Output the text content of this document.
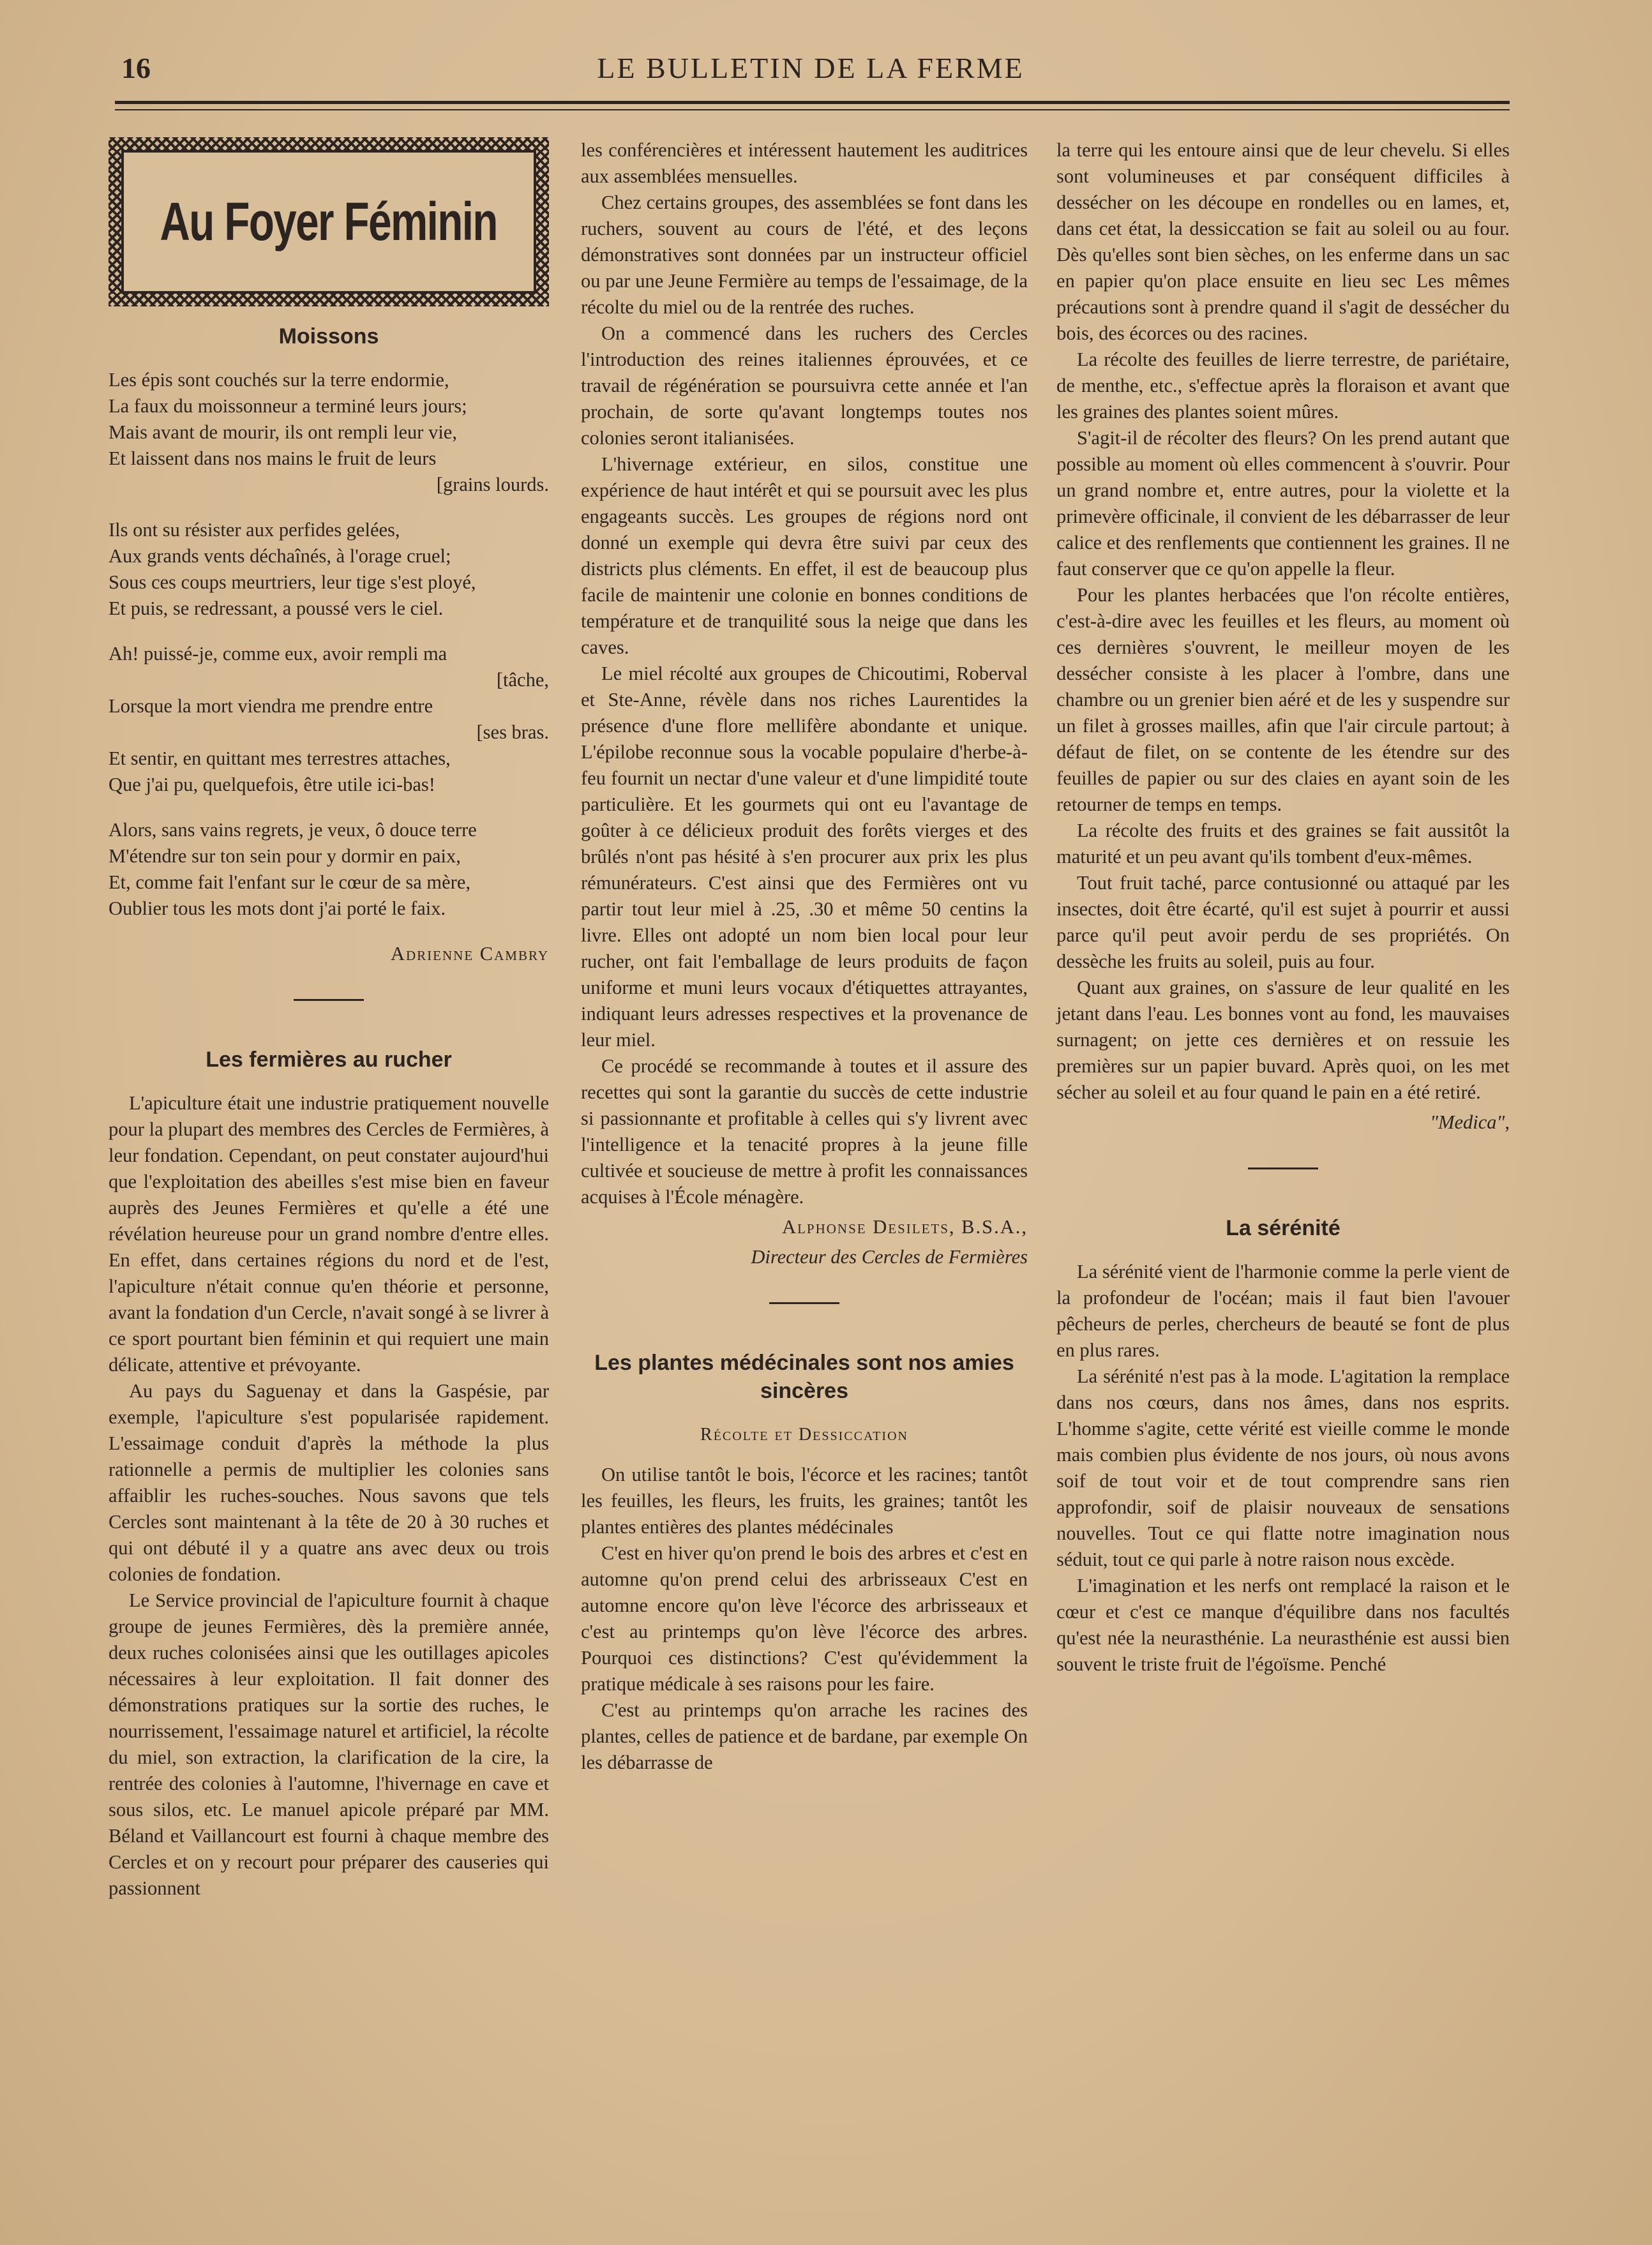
16	LE BULLETIN DE LA FERME
Au Foyer Féminin
Moissons
Les épis sont couchés sur la terre endormie,
La faux du moissonneur a terminé leurs jours;
Mais avant de mourir, ils ont rempli leur vie,
Et laissent dans nos mains le fruit de leurs
[grains lourds.
Ils ont su résister aux perfides gelées,
Aux grands vents déchaînés, à l'orage cruel;
Sous ces coups meurtriers, leur tige s'est ployé,
Et puis, se redressant, a poussé vers le ciel.
Ah! puissé-je, comme eux, avoir rempli ma
[tâche,
Lorsque la mort viendra me prendre entre
[ses bras.
Et sentir, en quittant mes terrestres attaches,
Que j'ai pu, quelquefois, être utile ici-bas!
Alors, sans vains regrets, je veux, ô douce terre
M'étendre sur ton sein pour y dormir en paix,
Et, comme fait l'enfant sur le cœur de sa mère,
Oublier tous les mots dont j'ai porté le faix.
Adrienne Cambry
Les fermières au rucher

L'apiculture était une industrie pratiquement nouvelle pour la plupart des membres des Cercles de Fermières, à leur fondation. Cependant, on peut constater aujourd'hui que l'exploitation des abeilles s'est mise bien en faveur auprès des Jeunes Fermières et qu'elle a été une révélation heureuse pour un grand nombre d'entre elles. En effet, dans certaines régions du nord et de l'est, l'apiculture n'était connue qu'en théorie et personne, avant la fondation d'un Cercle, n'avait songé à se livrer à ce sport pourtant bien féminin et qui requiert une main délicate, attentive et prévoyante.

Au pays du Saguenay et dans la Gaspésie, par exemple, l'apiculture s'est popularisée rapidement. L'essaimage conduit d'après la méthode la plus rationnelle a permis de multiplier les colonies sans affaiblir les ruches-souches. Nous savons que tels Cercles sont maintenant à la tête de 20 à 30 ruches et qui ont débuté il y a quatre ans avec deux ou trois colonies de fondation.

Le Service provincial de l'apiculture fournit à chaque groupe de jeunes Fermières, dès la première année, deux ruches colonisées ainsi que les outillages apicoles nécessaires à leur exploitation. Il fait donner des démonstrations pratiques sur la sortie des ruches, le nourrissement, l'essaimage naturel et artificiel, la récolte du miel, son extraction, la clarification de la cire, la rentrée des colonies à l'automne, l'hivernage en cave et sous silos, etc. Le manuel apicole préparé par MM. Béland et Vaillancourt est fourni à chaque membre des Cercles et on y recourt pour préparer des causeries qui passionnent

les conférencières et intéressent hautement les auditrices aux assemblées mensuelles.

Chez certains groupes, des assemblées se font dans les ruchers, souvent au cours de l'été, et des leçons démonstratives sont données par un instructeur officiel ou par une Jeune Fermière au temps de l'essaimage, de la récolte du miel ou de la rentrée des ruches.

On a commencé dans les ruchers des Cercles l'introduction des reines italiennes éprouvées, et ce travail de régénération se poursuivra cette année et l'an prochain, de sorte qu'avant longtemps toutes nos colonies seront italianisées.

L'hivernage extérieur, en silos, constitue une expérience de haut intérêt et qui se poursuit avec les plus engageants succès. Les groupes de régions nord ont donné un exemple qui devra être suivi par ceux des districts plus cléments. En effet, il est de beaucoup plus facile de maintenir une colonie en bonnes conditions de température et de tranquilité sous la neige que dans les caves.

Le miel récolté aux groupes de Chicoutimi, Roberval et Ste-Anne, révèle dans nos riches Laurentides la présence d'une flore mellifère abondante et unique. L'épilobe reconnue sous la vocable populaire d'herbe-à-feu fournit un nectar d'une valeur et d'une limpidité toute particulière. Et les gourmets qui ont eu l'avantage de goûter à ce délicieux produit des forêts vierges et des brûlés n'ont pas hésité à s'en procurer aux prix les plus rémunérateurs. C'est ainsi que des Fermières ont vu partir tout leur miel à .25, .30 et même 50 centins la livre. Elles ont adopté un nom bien local pour leur rucher, ont fait l'emballage de leurs produits de façon uniforme et muni leurs vocaux d'étiquettes attrayantes, indiquant leurs adresses respectives et la provenance de leur miel.

Ce procédé se recommande à toutes et il assure des recettes qui sont la garantie du succès de cette industrie si passionnante et profitable à celles qui s'y livrent avec l'intelligence et la tenacité propres à la jeune fille cultivée et soucieuse de mettre à profit les connaissances acquises à l'École ménagère.

Alphonse Desilets, B.S.A.,
Directeur des Cercles de Fermières
Les plantes médécinales sont nos amies sincères
Récolte et Dessiccation

On utilise tantôt le bois, l'écorce et les racines; tantôt les feuilles, les fleurs, les fruits, les graines; tantôt les plantes entières des plantes médécinales

C'est en hiver qu'on prend le bois des arbres et c'est en automne qu'on prend celui des arbrisseaux C'est en automne encore qu'on lève l'écorce des arbrisseaux et c'est au printemps qu'on lève l'écorce des arbres. Pourquoi ces distinctions? C'est qu'évidemment la pratique médicale à ses raisons pour les faire.

C'est au printemps qu'on arrache les racines des plantes, celles de patience et de bardane, par exemple On les débarrasse de

la terre qui les entoure ainsi que de leur chevelu. Si elles sont volumineuses et par conséquent difficiles à dessécher on les découpe en rondelles ou en lames, et, dans cet état, la dessiccation se fait au soleil ou au four. Dès qu'elles sont bien sèches, on les enferme dans un sac en papier qu'on place ensuite en lieu sec Les mêmes précautions sont à prendre quand il s'agit de dessécher du bois, des écorces ou des racines.

La récolte des feuilles de lierre terrestre, de pariétaire, de menthe, etc., s'effectue après la floraison et avant que les graines des plantes soient mûres.

S'agit-il de récolter des fleurs? On les prend autant que possible au moment où elles commencent à s'ouvrir. Pour un grand nombre et, entre autres, pour la violette et la primevère officinale, il convient de les débarrasser de leur calice et des renflements que contiennent les graines. Il ne faut conserver que ce qu'on appelle la fleur.

Pour les plantes herbacées que l'on récolte entières, c'est-à-dire avec les feuilles et les fleurs, au moment où ces dernières s'ouvrent, le meilleur moyen de les dessécher consiste à les placer à l'ombre, dans une chambre ou un grenier bien aéré et de les y suspendre sur un filet à grosses mailles, afin que l'air circule partout; à défaut de filet, on se contente de les étendre sur des feuilles de papier ou sur des claies en ayant soin de les retourner de temps en temps.

La récolte des fruits et des graines se fait aussitôt la maturité et un peu avant qu'ils tombent d'eux-mêmes.

Tout fruit taché, parce contusionné ou attaqué par les insectes, doit être écarté, qu'il est sujet à pourrir et aussi parce qu'il peut avoir perdu de ses propriétés. On dessèche les fruits au soleil, puis au four.

Quant aux graines, on s'assure de leur qualité en les jetant dans l'eau. Les bonnes vont au fond, les mauvaises surnagent; on jette ces dernières et on ressuie les premières sur un papier buvard. Après quoi, on les met sécher au soleil et au four quand le pain en a été retiré.

"Medica",
La sérénité

La sérénité vient de l'harmonie comme la perle vient de la profondeur de l'océan; mais il faut bien l'avouer pêcheurs de perles, chercheurs de beauté se font de plus en plus rares.

La sérénité n'est pas à la mode. L'agitation la remplace dans nos cœurs, dans nos âmes, dans nos esprits. L'homme s'agite, cette vérité est vieille comme le monde mais combien plus évidente de nos jours, où nous avons soif de tout voir et de tout comprendre sans rien approfondir, soif de plaisir nouveaux de sensations nouvelles. Tout ce qui flatte notre imagination nous séduit, tout ce qui parle à notre raison nous excède.

L'imagination et les nerfs ont remplacé la raison et le cœur et c'est ce manque d'équilibre dans nos facultés qu'est née la neurasthénie. La neurasthénie est aussi bien souvent le triste fruit de l'égoïsme. Penché
